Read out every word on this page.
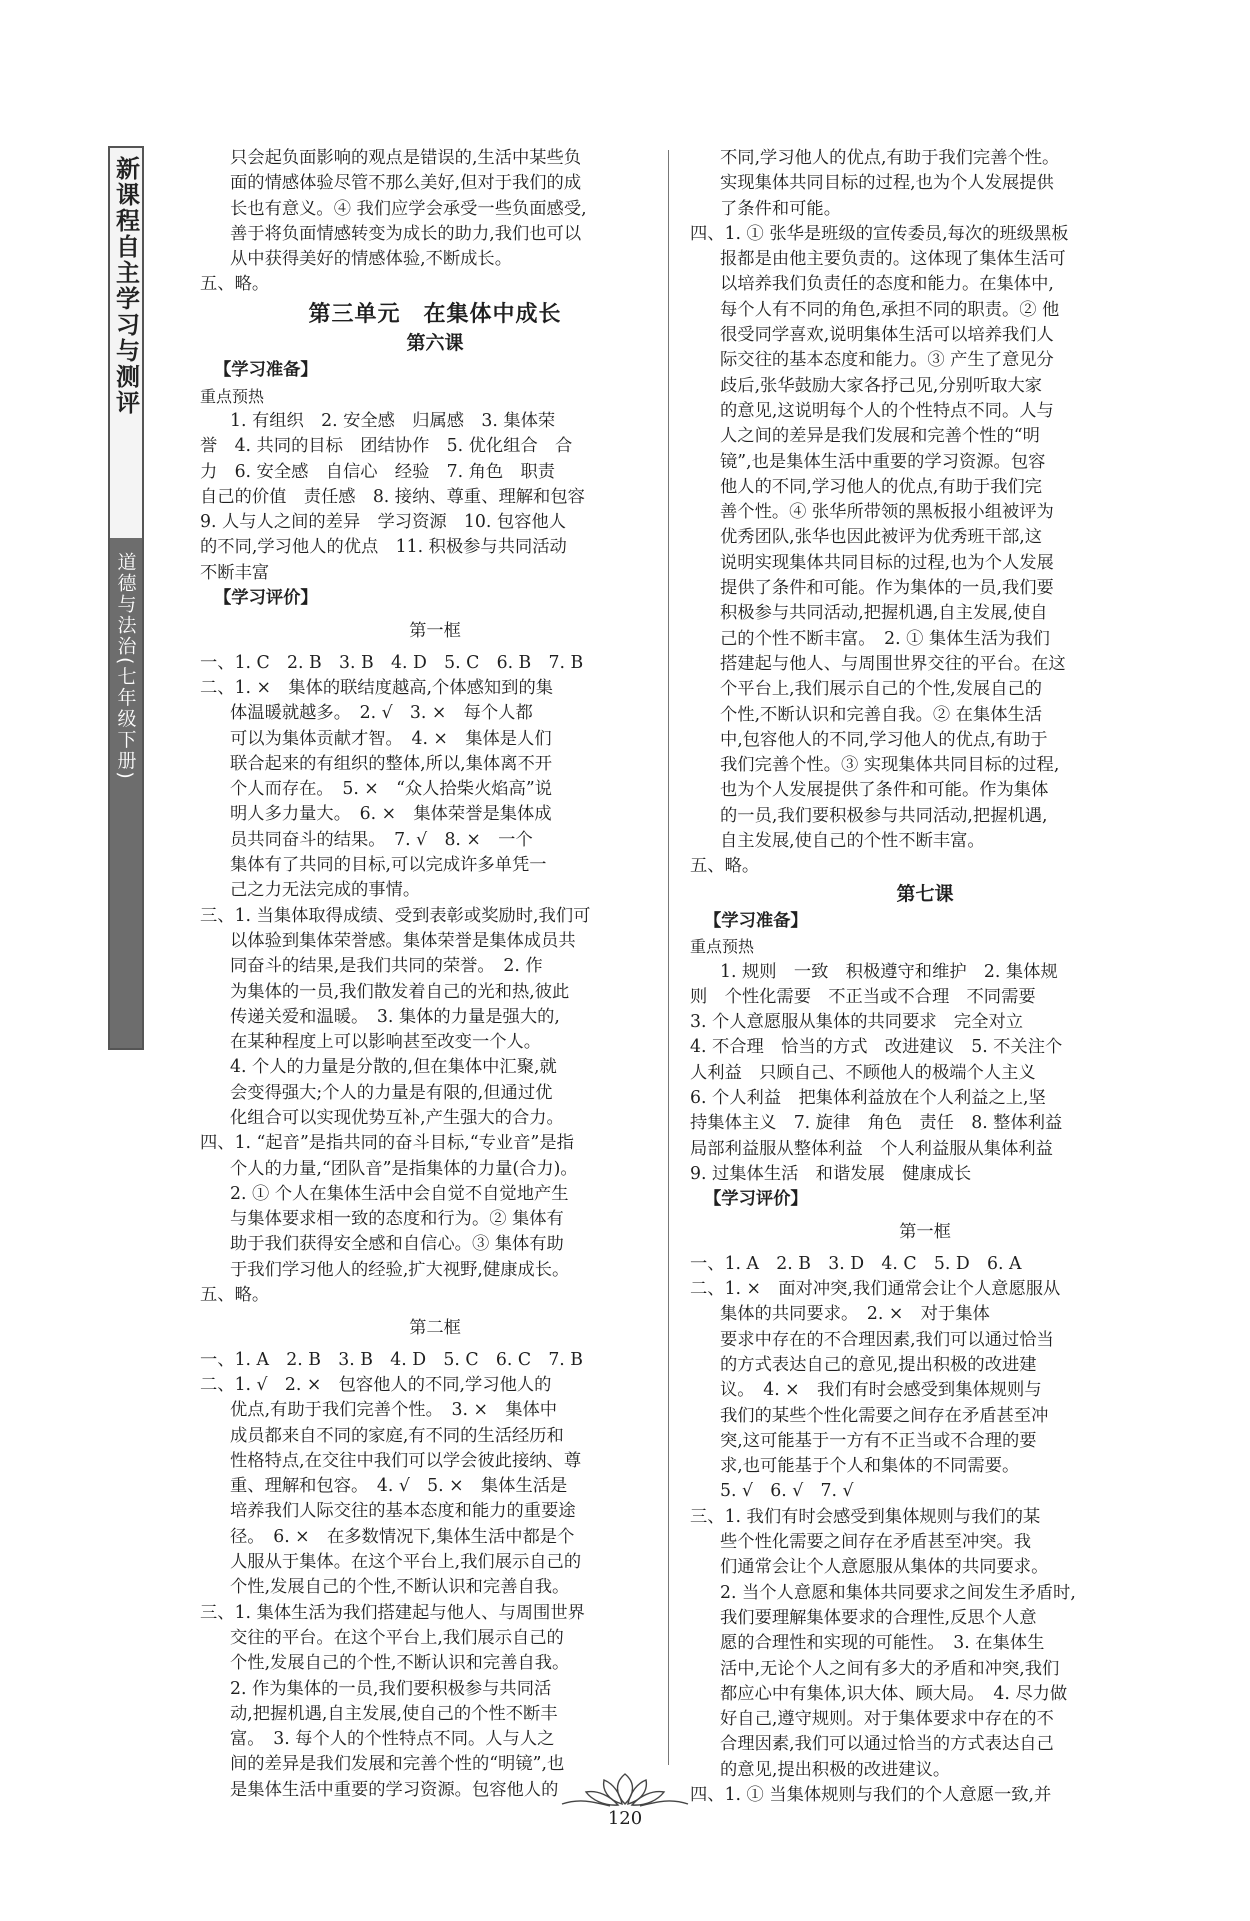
新课程自主学习与测评
道德与法治(七年级下册)
只会起负面影响的观点是错误的,生活中某些负
面的情感体验尽管不那么美好,但对于我们的成
长也有意义。④ 我们应学会承受一些负面感受,
善于将负面情感转变为成长的助力,我们也可以
从中获得美好的情感体验,不断成长。
五、略。
第三单元　在集体中成长
第六课
【学习准备】
重点预热
1. 有组织　2. 安全感　归属感　3. 集体荣
誉　4. 共同的目标　团结协作　5. 优化组合　合
力　6. 安全感　自信心　经验　7. 角色　职责
自己的价值　责任感　8. 接纳、尊重、理解和包容
9. 人与人之间的差异　学习资源　10. 包容他人
的不同,学习他人的优点　11. 积极参与共同活动
不断丰富
【学习评价】
第一框
一、1. C　2. B　3. B　4. D　5. C　6. B　7. B
二、1. ×　集体的联结度越高,个体感知到的集
体温暖就越多。　2. √　3. ×　每个人都
可以为集体贡献才智。　4. ×　集体是人们
联合起来的有组织的整体,所以,集体离不开
个人而存在。　5. ×　“众人拾柴火焰高”说
明人多力量大。　6. ×　集体荣誉是集体成
员共同奋斗的结果。　7. √　8. ×　一个
集体有了共同的目标,可以完成许多单凭一
己之力无法完成的事情。
三、1. 当集体取得成绩、受到表彰或奖励时,我们可
以体验到集体荣誉感。集体荣誉是集体成员共
同奋斗的结果,是我们共同的荣誉。　2. 作
为集体的一员,我们散发着自己的光和热,彼此
传递关爱和温暖。　3. 集体的力量是强大的,
在某种程度上可以影响甚至改变一个人。
4. 个人的力量是分散的,但在集体中汇聚,就
会变得强大;个人的力量是有限的,但通过优
化组合可以实现优势互补,产生强大的合力。
四、1. “起音”是指共同的奋斗目标,“专业音”是指
个人的力量,“团队音”是指集体的力量(合力)。
2. ① 个人在集体生活中会自觉不自觉地产生
与集体要求相一致的态度和行为。② 集体有
助于我们获得安全感和自信心。③ 集体有助
于我们学习他人的经验,扩大视野,健康成长。
五、略。
第二框
一、1. A　2. B　3. B　4. D　5. C　6. C　7. B
二、1. √　2. ×　包容他人的不同,学习他人的
优点,有助于我们完善个性。　3. ×　集体中
成员都来自不同的家庭,有不同的生活经历和
性格特点,在交往中我们可以学会彼此接纳、尊
重、理解和包容。　4. √　5. ×　集体生活是
培养我们人际交往的基本态度和能力的重要途
径。　6. ×　在多数情况下,集体生活中都是个
人服从于集体。在这个平台上,我们展示自己的
个性,发展自己的个性,不断认识和完善自我。
三、1. 集体生活为我们搭建起与他人、与周围世界
交往的平台。在这个平台上,我们展示自己的
个性,发展自己的个性,不断认识和完善自我。
2. 作为集体的一员,我们要积极参与共同活
动,把握机遇,自主发展,使自己的个性不断丰
富。　3. 每个人的个性特点不同。人与人之
间的差异是我们发展和完善个性的“明镜”,也
是集体生活中重要的学习资源。包容他人的
不同,学习他人的优点,有助于我们完善个性。
实现集体共同目标的过程,也为个人发展提供
了条件和可能。
四、1. ① 张华是班级的宣传委员,每次的班级黑板
报都是由他主要负责的。这体现了集体生活可
以培养我们负责任的态度和能力。在集体中,
每个人有不同的角色,承担不同的职责。② 他
很受同学喜欢,说明集体生活可以培养我们人
际交往的基本态度和能力。③ 产生了意见分
歧后,张华鼓励大家各抒己见,分别听取大家
的意见,这说明每个人的个性特点不同。人与
人之间的差异是我们发展和完善个性的“明
镜”,也是集体生活中重要的学习资源。包容
他人的不同,学习他人的优点,有助于我们完
善个性。④ 张华所带领的黑板报小组被评为
优秀团队,张华也因此被评为优秀班干部,这
说明实现集体共同目标的过程,也为个人发展
提供了条件和可能。作为集体的一员,我们要
积极参与共同活动,把握机遇,自主发展,使自
己的个性不断丰富。　2. ① 集体生活为我们
搭建起与他人、与周围世界交往的平台。在这
个平台上,我们展示自己的个性,发展自己的
个性,不断认识和完善自我。② 在集体生活
中,包容他人的不同,学习他人的优点,有助于
我们完善个性。③ 实现集体共同目标的过程,
也为个人发展提供了条件和可能。作为集体
的一员,我们要积极参与共同活动,把握机遇,
自主发展,使自己的个性不断丰富。
五、略。
第七课
【学习准备】
重点预热
1. 规则　一致　积极遵守和维护　2. 集体规
则　个性化需要　不正当或不合理　不同需要
3. 个人意愿服从集体的共同要求　完全对立
4. 不合理　恰当的方式　改进建议　5. 不关注个
人利益　只顾自己、不顾他人的极端个人主义
6. 个人利益　把集体利益放在个人利益之上,坚
持集体主义　7. 旋律　角色　责任　8. 整体利益
局部利益服从整体利益　个人利益服从集体利益
9. 过集体生活　和谐发展　健康成长
【学习评价】
第一框
一、1. A　2. B　3. D　4. C　5. D　6. A
二、1. ×　面对冲突,我们通常会让个人意愿服从
集体的共同要求。　2. ×　对于集体
要求中存在的不合理因素,我们可以通过恰当
的方式表达自己的意见,提出积极的改进建
议。　4. ×　我们有时会感受到集体规则与
我们的某些个性化需要之间存在矛盾甚至冲
突,这可能基于一方有不正当或不合理的要
求,也可能基于个人和集体的不同需要。
5. √　6. √　7. √
三、1. 我们有时会感受到集体规则与我们的某
些个性化需要之间存在矛盾甚至冲突。我
们通常会让个人意愿服从集体的共同要求。
2. 当个人意愿和集体共同要求之间发生矛盾时,
我们要理解集体要求的合理性,反思个人意
愿的合理性和实现的可能性。　3. 在集体生
活中,无论个人之间有多大的矛盾和冲突,我们
都应心中有集体,识大体、顾大局。　4. 尽力做
好自己,遵守规则。对于集体要求中存在的不
合理因素,我们可以通过恰当的方式表达自己
的意见,提出积极的改进建议。
四、1. ① 当集体规则与我们的个人意愿一致,并
120
